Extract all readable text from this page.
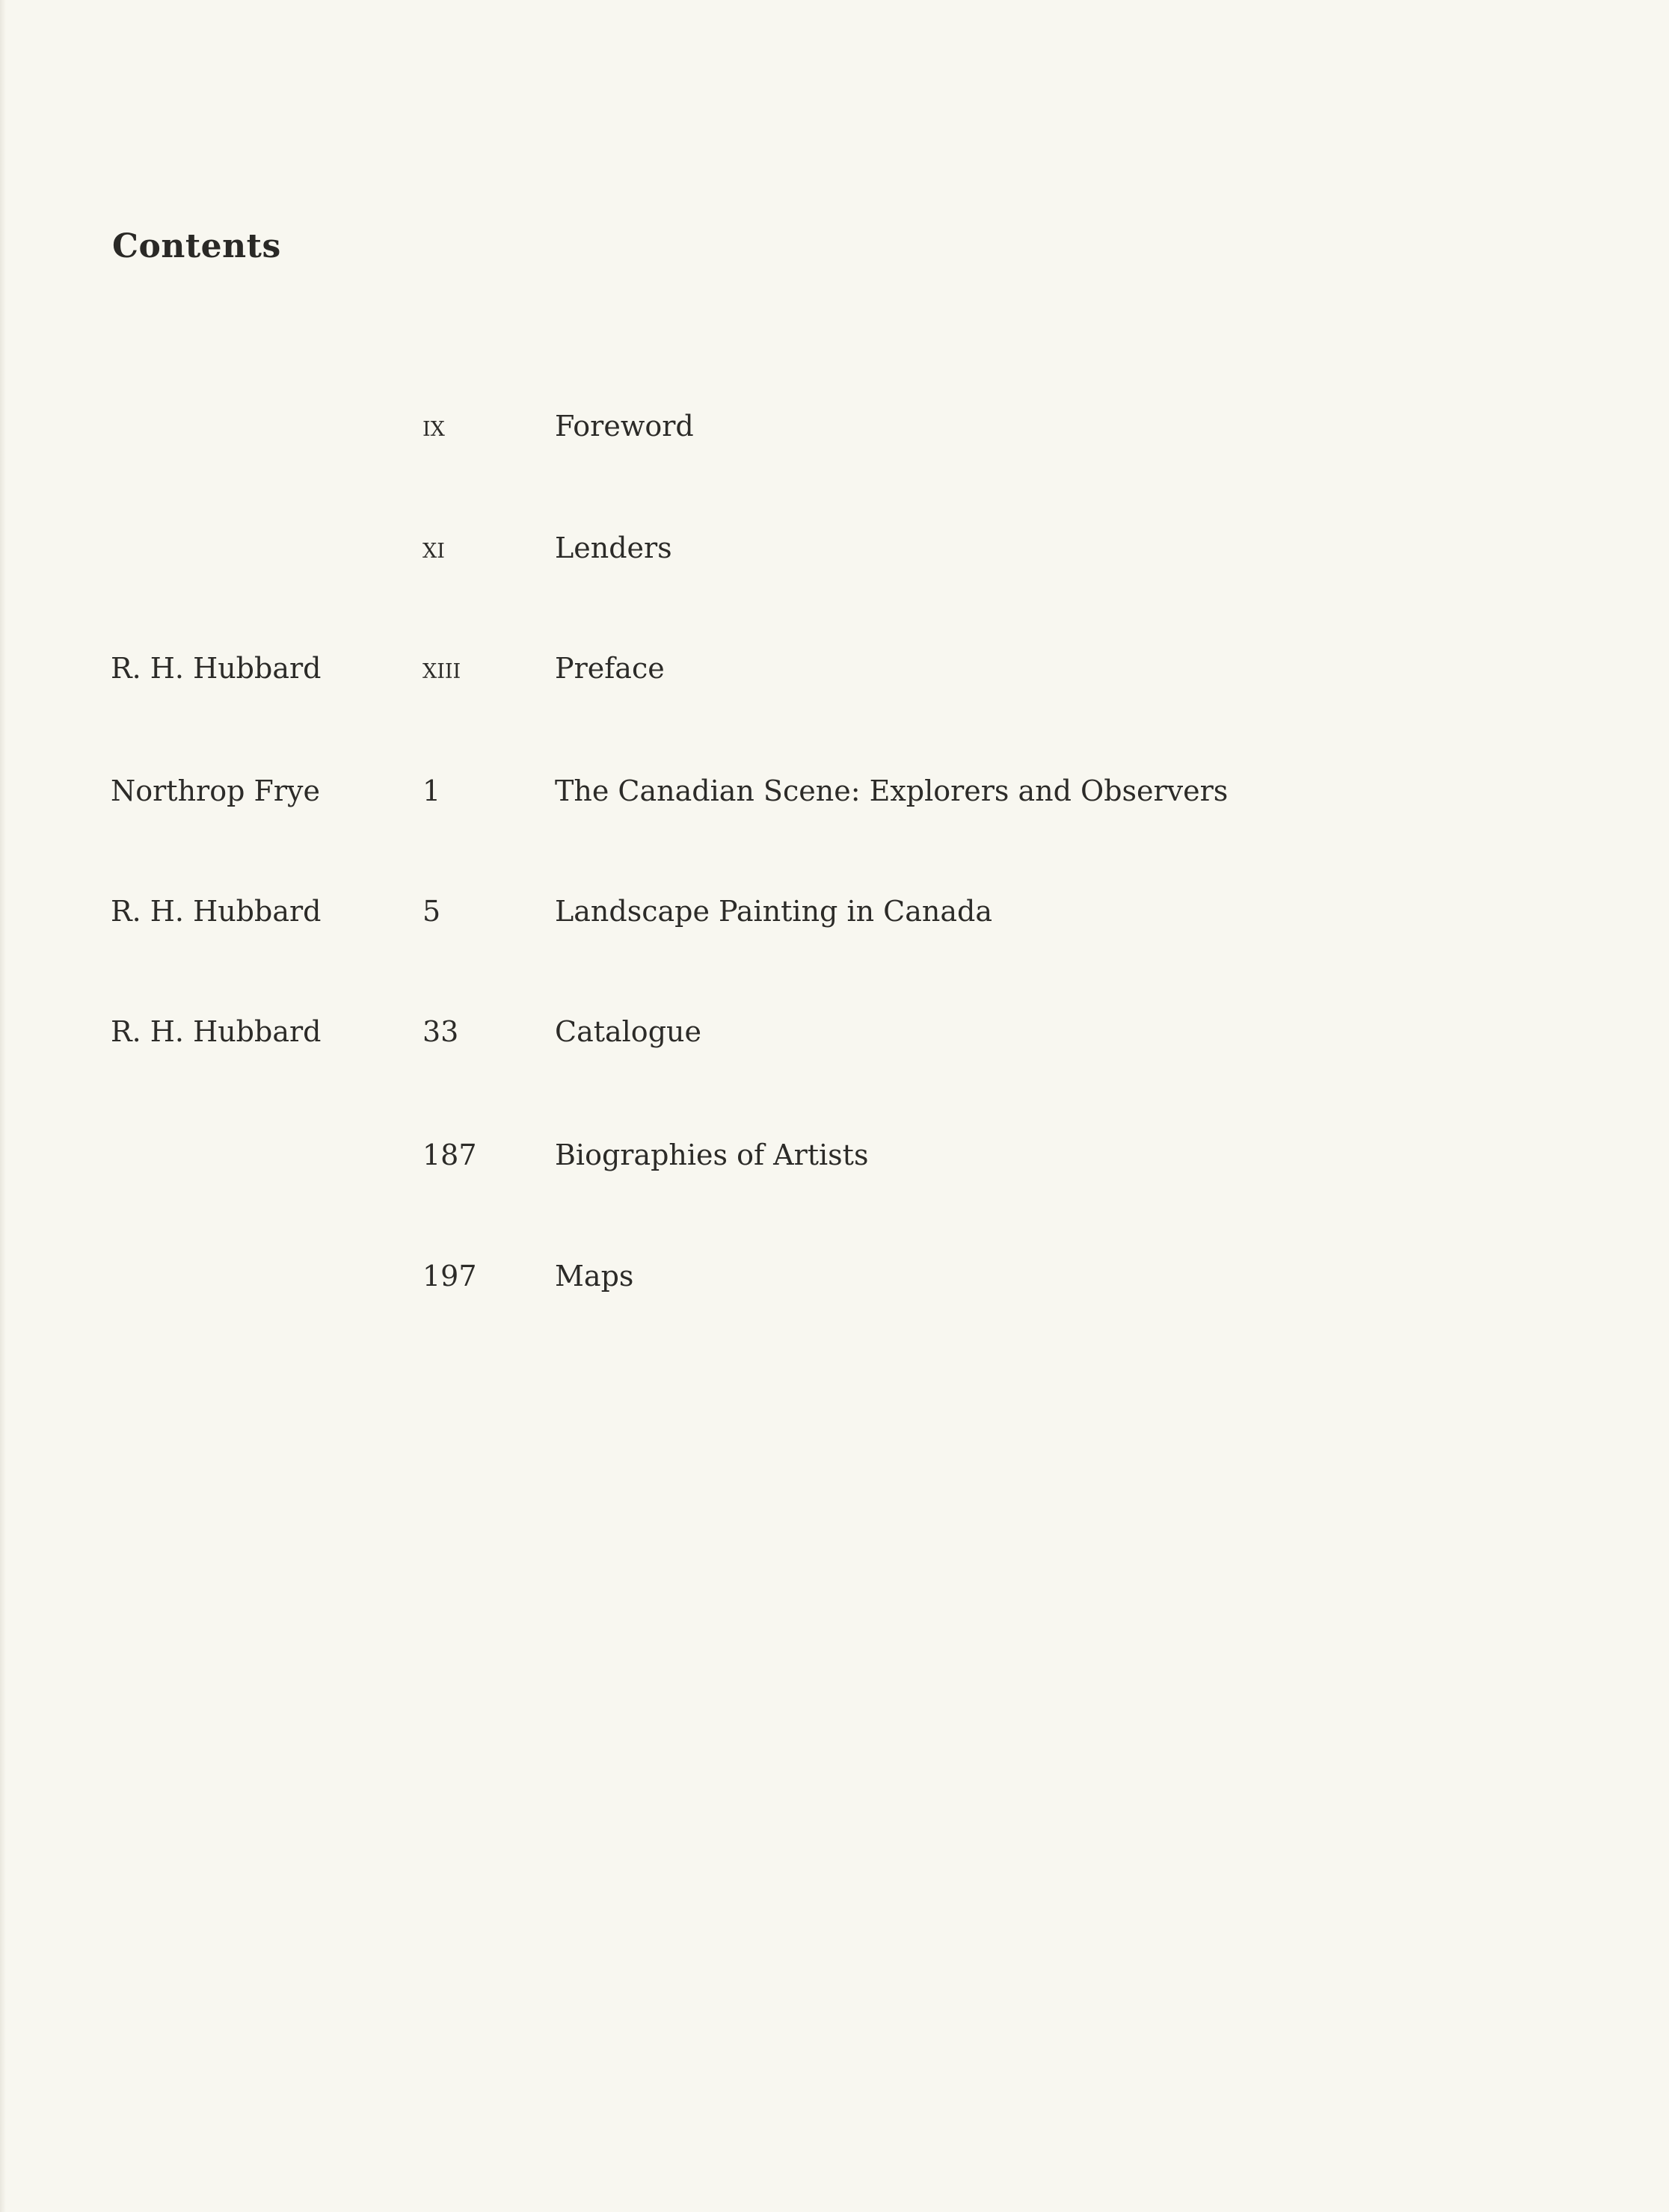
Contents
ix	Foreword
xi	Lenders
R. H. Hubbard	xiii	Preface
Northrop Frye	1	The Canadian Scene: Explorers and Observers
R. H. Hubbard	5	Landscape Painting in Canada
R. H. Hubbard	33	Catalogue
187	Biographies of Artists
197	Maps
